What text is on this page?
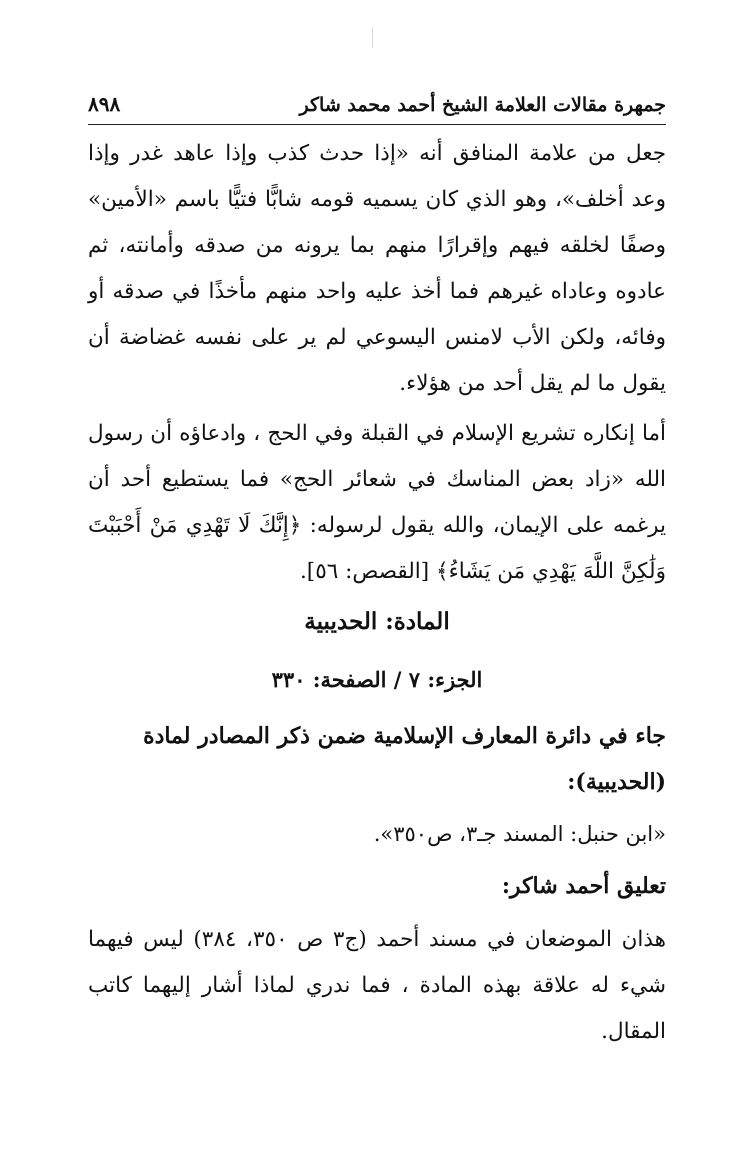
جمهرة مقالات العلامة الشيخ أحمد محمد شاكر
٨٩٨

جعل من علامة المنافق أنه «إذا حدث كذب وإذا عاهد غدر وإذا وعد أخلف»، وهو الذي كان يسميه قومه شابًّا فتيًّا باسم «الأمين» وصفًا لخلقه فيهم وإقرارًا منهم بما يرونه من صدقه وأمانته، ثم عادوه وعاداه غيرهم فما أخذ عليه واحد منهم مأخذًا في صدقه أو وفائه، ولكن الأب لامنس اليسوعي لم ير على نفسه غضاضة أن يقول ما لم يقل أحد من هؤلاء.

أما إنكاره تشريع الإسلام في القبلة وفي الحج ، وادعاؤه أن رسول الله «زاد بعض المناسك في شعائر الحج» فما يستطيع أحد أن يرغمه على الإيمان، والله يقول لرسوله: ﴿إِنَّكَ لَا تَهْدِي مَنْ أَحْبَبْتَ وَلَٰكِنَّ اللَّهَ يَهْدِي مَن يَشَاءُ﴾ [القصص: ٥٦].

المادة: الحديبية
الجزء: ٧ / الصفحة: ٣٣٠

جاء في دائرة المعارف الإسلامية ضمن ذكر المصادر لمادة (الحديبية):

«ابن حنبل: المسند جـ٣، ص٣٥٠».

تعليق أحمد شاكر:

هذان الموضعان في مسند أحمد (ج٣ ص ٣٥٠، ٣٨٤) ليس فيهما شيء له علاقة بهذه المادة ، فما ندري لماذا أشار إليهما كاتب المقال.
